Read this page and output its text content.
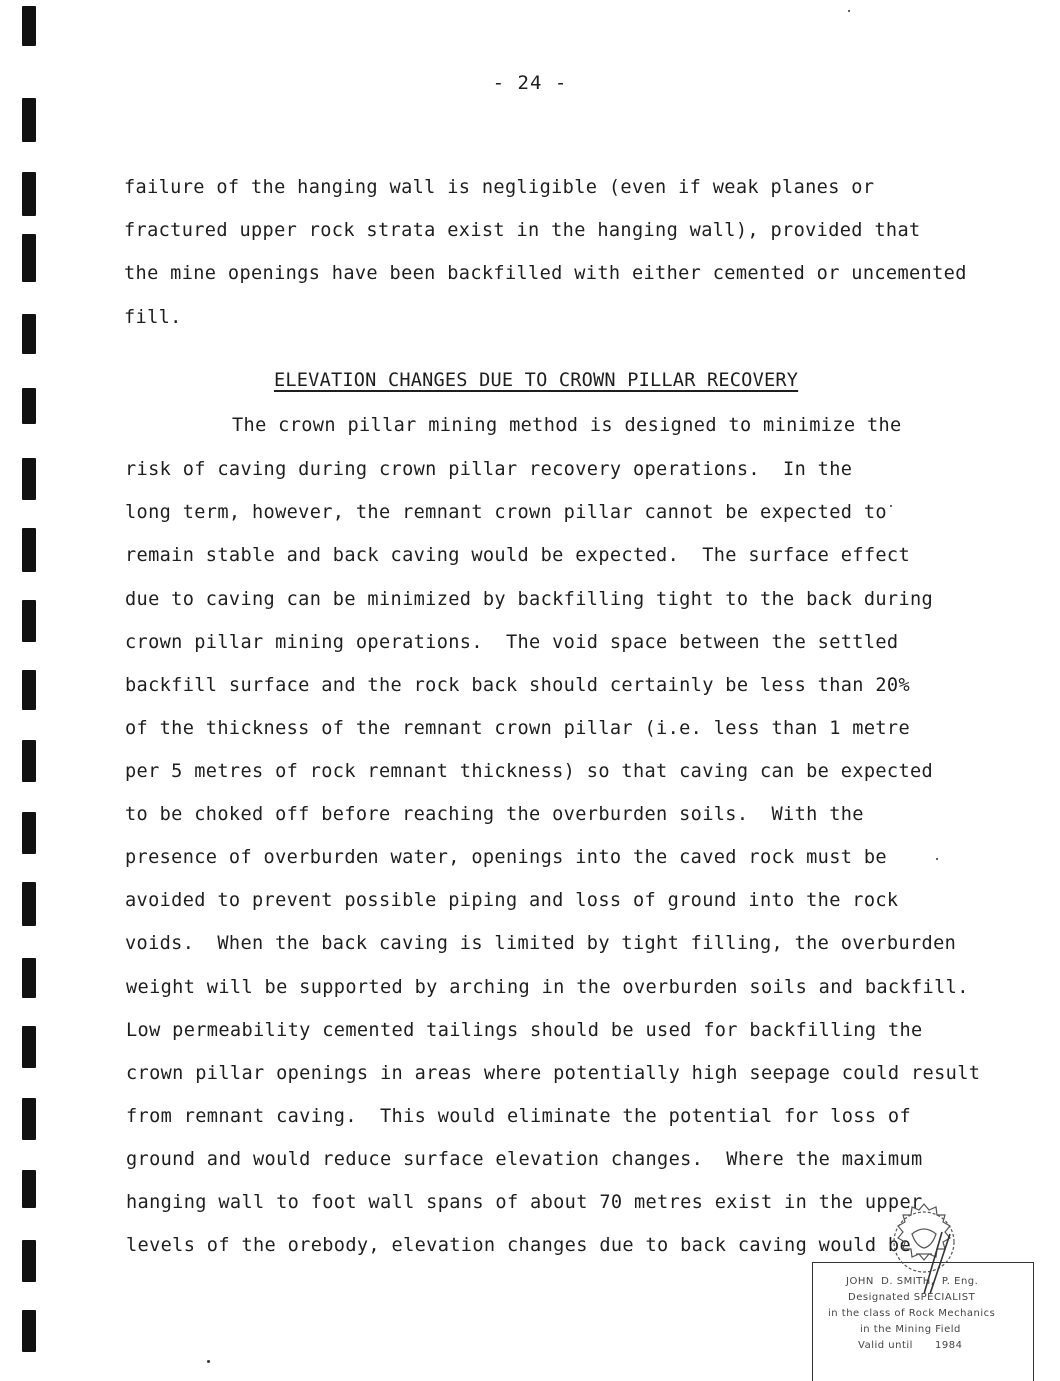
- 24 -
failure of the hanging wall is negligible (even if weak planes or
fractured upper rock strata exist in the hanging wall), provided that
the mine openings have been backfilled with either cemented or uncemented
fill.
ELEVATION CHANGES DUE TO CROWN PILLAR RECOVERY
The crown pillar mining method is designed to minimize the
risk of caving during crown pillar recovery operations.  In the
long term, however, the remnant crown pillar cannot be expected to
remain stable and back caving would be expected.  The surface effect
due to caving can be minimized by backfilling tight to the back during
crown pillar mining operations.  The void space between the settled
backfill surface and the rock back should certainly be less than 20%
of the thickness of the remnant crown pillar (i.e. less than 1 metre
per 5 metres of rock remnant thickness) so that caving can be expected
to be choked off before reaching the overburden soils.  With the
presence of overburden water, openings into the caved rock must be
avoided to prevent possible piping and loss of ground into the rock
voids.  When the back caving is limited by tight filling, the overburden
weight will be supported by arching in the overburden soils and backfill.
Low permeability cemented tailings should be used for backfilling the
crown pillar openings in areas where potentially high seepage could result
from remnant caving.  This would eliminate the potential for loss of
ground and would reduce surface elevation changes.  Where the maximum
hanging wall to foot wall spans of about 70 metres exist in the upper
levels of the orebody, elevation changes due to back caving would be
JOHN  D. SMITH,  P. Eng.
Designated SPECIALIST
in the class of Rock Mechanics
in the Mining Field
Valid until      1984
